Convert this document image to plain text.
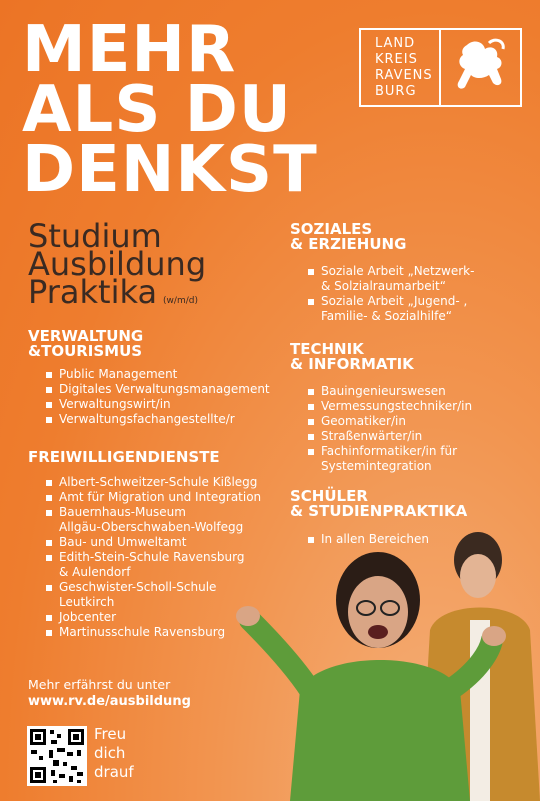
MEHR
ALS DU
DENKST
LAND
KREIS
RAVENS
BURG
Studium
Ausbildung
Praktika (w/m/d)
VERWALTUNG
&TOURISMUS
Public Management
Digitales Verwaltungsmanagement
Verwaltungswirt/in
Verwaltungsfachangestellte/r
FREIWILLIGENDIENSTE
Albert-Schweitzer-Schule Kißlegg
Amt für Migration und Integration
Bauernhaus-Museum
Allgäu-Oberschwaben-Wolfegg
Bau- und Umweltamt
Edith-Stein-Schule Ravensburg
& Aulendorf
Geschwister-Scholl-Schule
Leutkirch
Jobcenter
Martinusschule Ravensburg
SOZIALES
& ERZIEHUNG
Soziale Arbeit „Netzwerk-
& Solzialraumarbeit“
Soziale Arbeit „Jugend- ,
Familie- & Sozialhilfe“
TECHNIK
& INFORMATIK
Bauingenieurswesen
Vermessungstechniker/in
Geomatiker/in
Straßenwärter/in
Fachinformatiker/in für
Systemintegration
SCHÜLER
& STUDIENPRAKTIKA
In allen Bereichen
Mehr erfährst du unter
www.rv.de/ausbildung
Freu
dich
drauf
